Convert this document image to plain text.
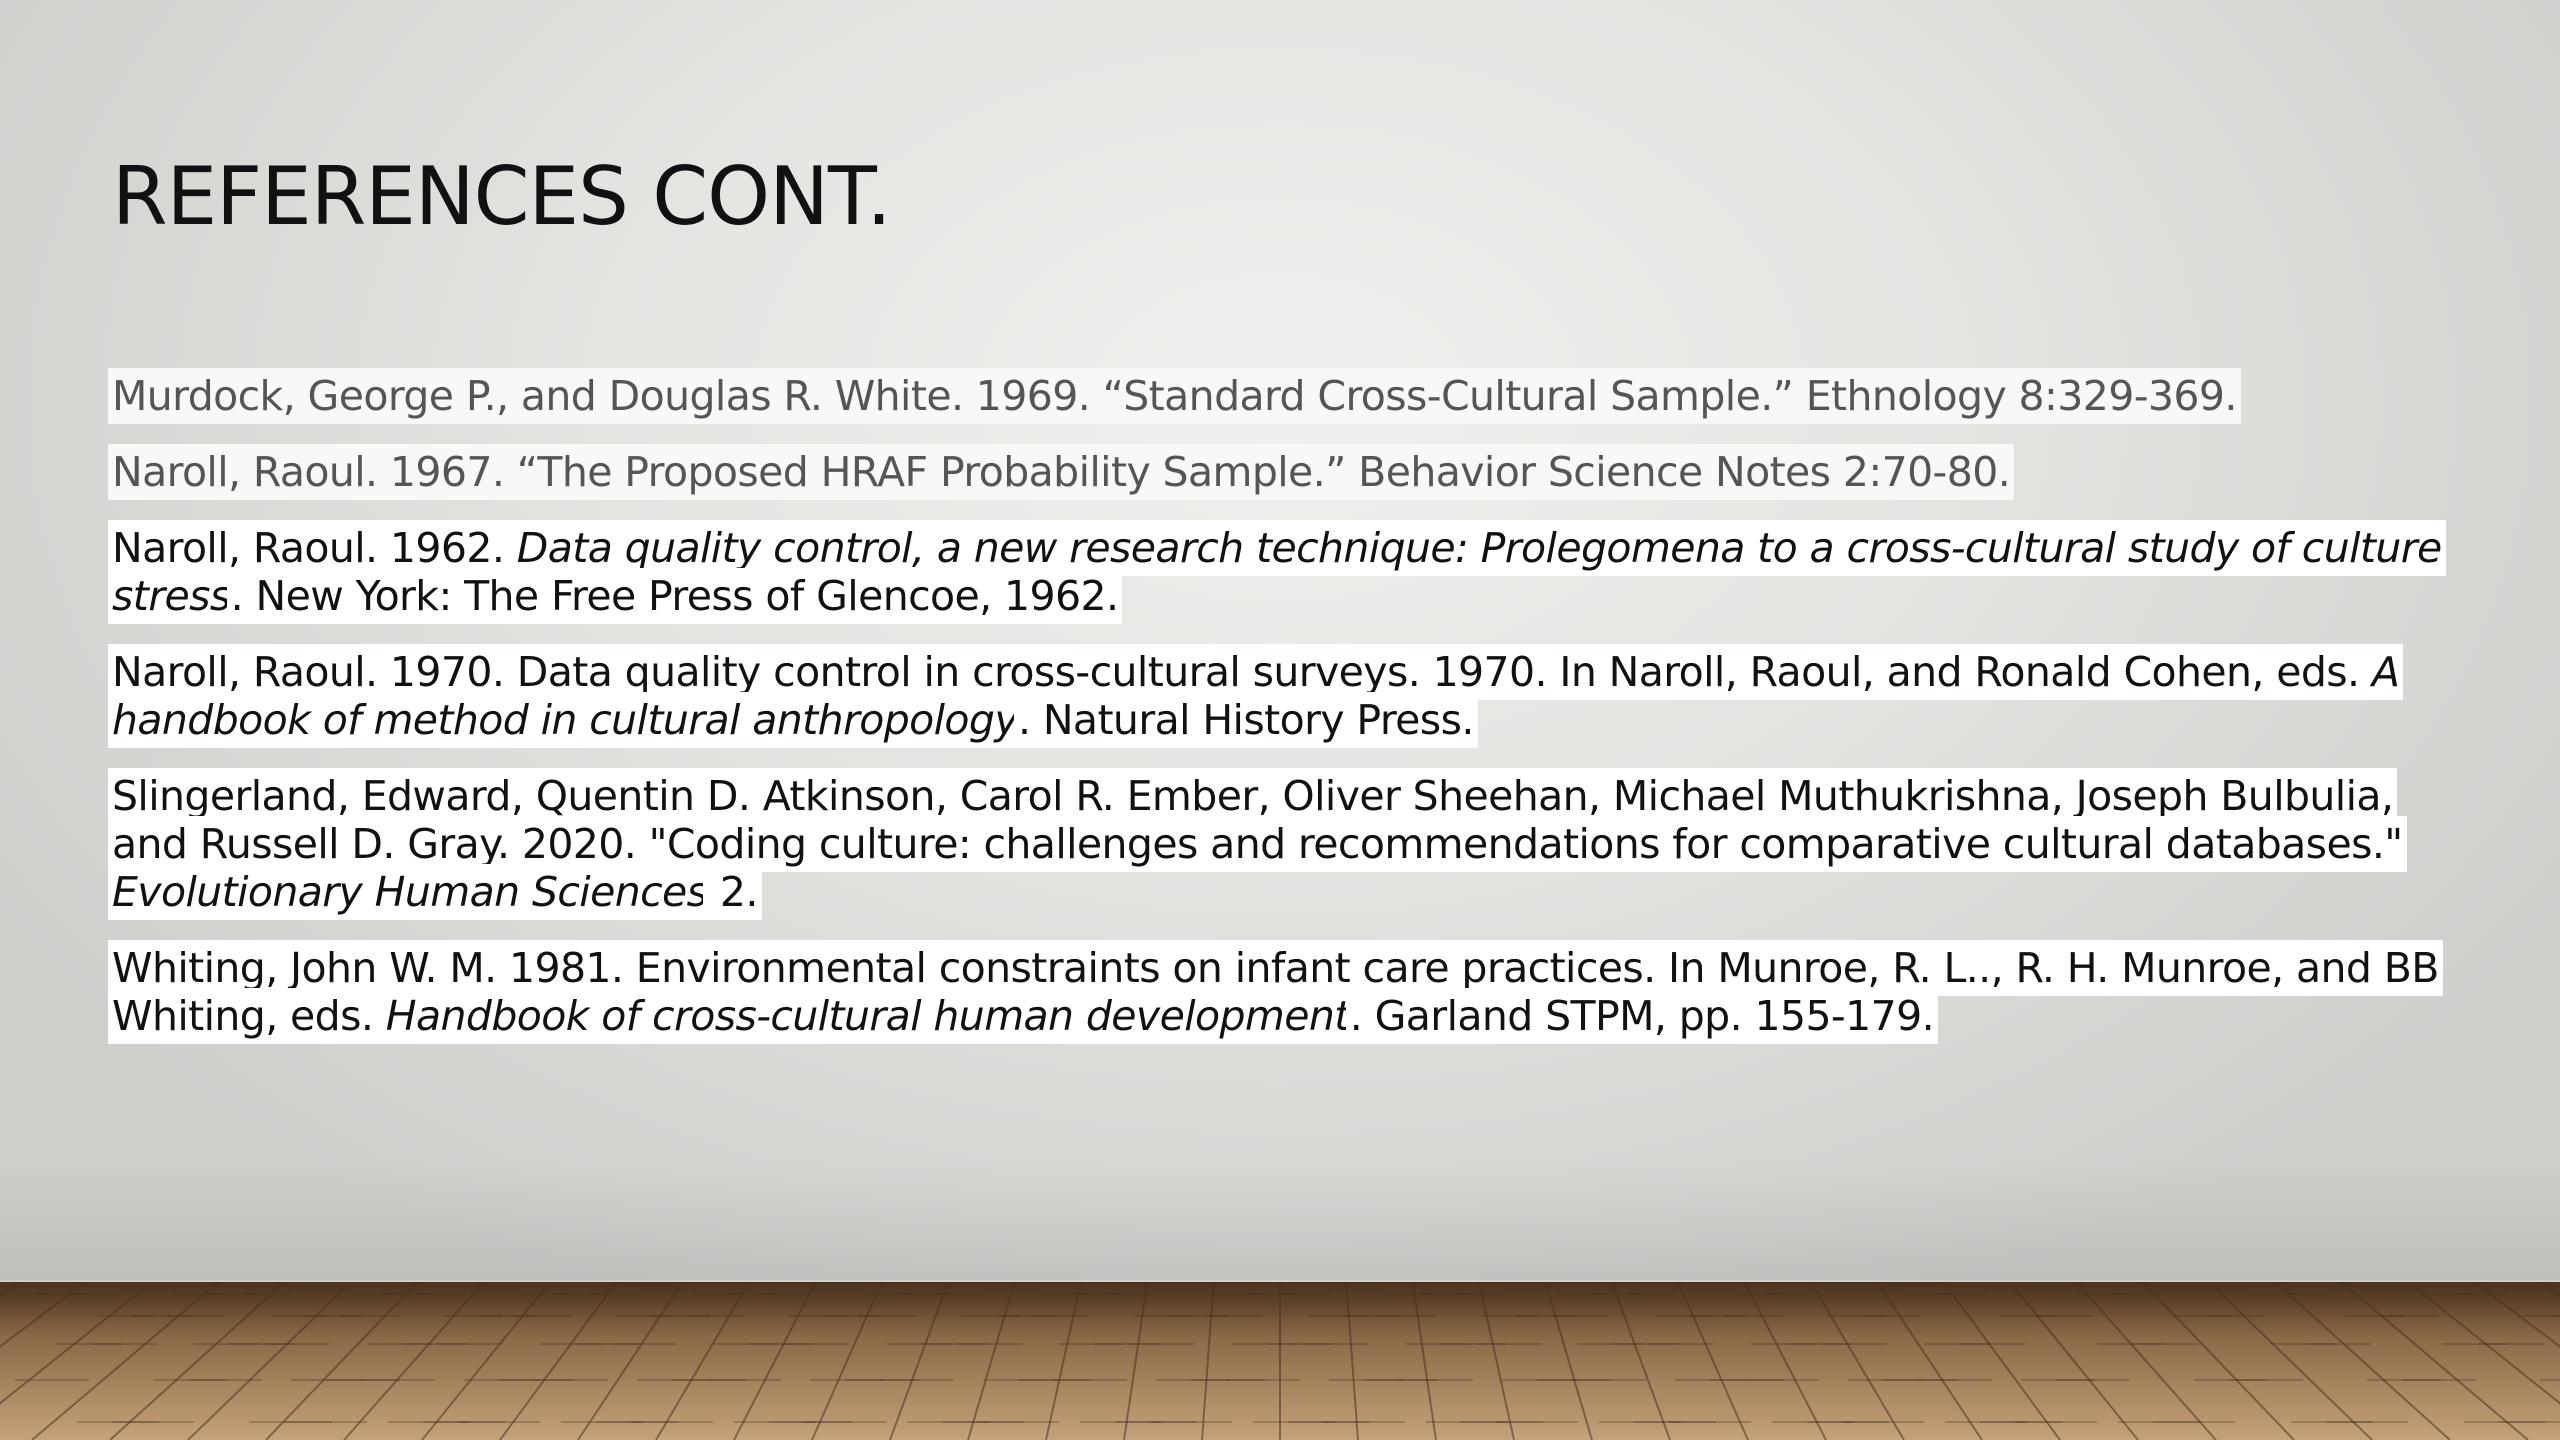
REFERENCES CONT.

Murdock, George P., and Douglas R. White. 1969. “Standard Cross-Cultural Sample.” Ethnology 8:329-369.

Naroll, Raoul. 1967. “The Proposed HRAF Probability Sample.” Behavior Science Notes 2:70-80.

Naroll, Raoul. 1962. Data quality control, a new research technique: Prolegomena to a cross-cultural study of culture stress. New York: The Free Press of Glencoe, 1962.

Naroll, Raoul. 1970. Data quality control in cross-cultural surveys. 1970. In Naroll, Raoul, and Ronald Cohen, eds. A handbook of method in cultural anthropology. Natural History Press.

Slingerland, Edward, Quentin D. Atkinson, Carol R. Ember, Oliver Sheehan, Michael Muthukrishna, Joseph Bulbulia, and Russell D. Gray. 2020. "Coding culture: challenges and recommendations for comparative cultural databases." Evolutionary Human Sciences 2.

Whiting, John W. M. 1981. Environmental constraints on infant care practices. In Munroe, R. L.., R. H. Munroe, and BB Whiting, eds. Handbook of cross-cultural human development. Garland STPM, pp. 155-179.
